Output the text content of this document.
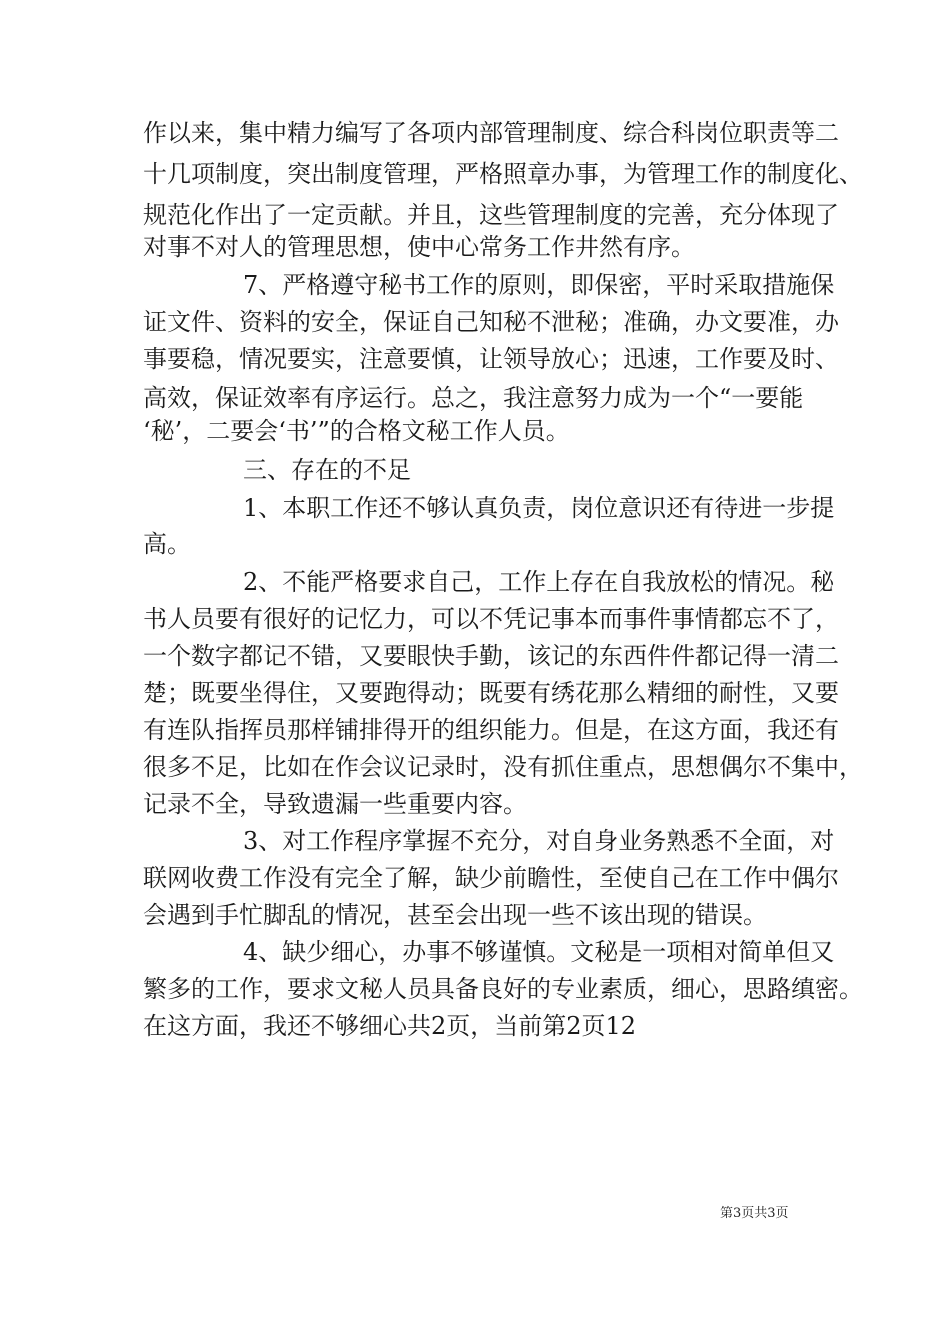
作以来，集中精力编写了各项内部管理制度、综合科岗位职责等二

十几项制度，突出制度管理，严格照章办事，为管理工作的制度化、

规范化作出了一定贡献。并且，这些管理制度的完善，充分体现了

对事不对人的管理思想，使中心常务工作井然有序。

7、严格遵守秘书工作的原则，即保密，平时采取措施保

证文件、资料的安全，保证自己知秘不泄秘；准确，办文要准，办

事要稳，情况要实，注意要慎，让领导放心；迅速，工作要及时、

高效，保证效率有序运行。总之，我注意努力成为一个“一要能

‘秘’，二要会‘书’”的合格文秘工作人员。

三、存在的不足

1、本职工作还不够认真负责，岗位意识还有待进一步提

高。

2、不能严格要求自己，工作上存在自我放松的情况。秘

书人员要有很好的记忆力，可以不凭记事本而事件事情都忘不了，

一个数字都记不错，又要眼快手勤，该记的东西件件都记得一清二

楚；既要坐得住，又要跑得动；既要有绣花那么精细的耐性，又要

有连队指挥员那样铺排得开的组织能力。但是，在这方面，我还有

很多不足，比如在作会议记录时，没有抓住重点，思想偶尔不集中，

记录不全，导致遗漏一些重要内容。

3、对工作程序掌握不充分，对自身业务熟悉不全面，对

联网收费工作没有完全了解，缺少前瞻性，至使自己在工作中偶尔

会遇到手忙脚乱的情况，甚至会出现一些不该出现的错误。

4、缺少细心，办事不够谨慎。文秘是一项相对简单但又

繁多的工作，要求文秘人员具备良好的专业素质，细心，思路缜密。

在这方面，我还不够细心共2页，当前第2页12

第3页共3页
